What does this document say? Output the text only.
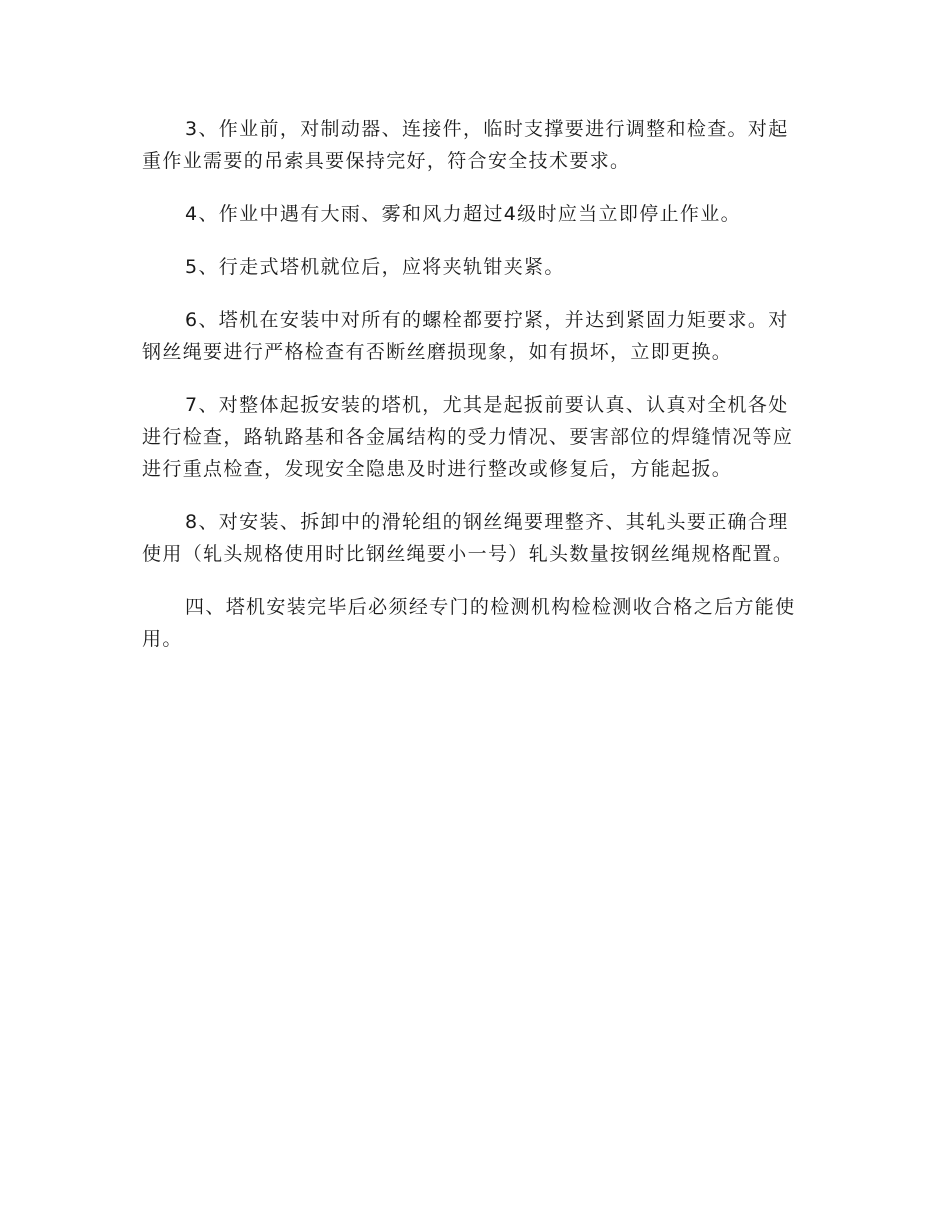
3、作业前，对制动器、连接件，临时支撑要进行调整和检查。对起重作业需要的吊索具要保持完好，符合安全技术要求。

4、作业中遇有大雨、雾和风力超过4级时应当立即停止作业。

5、行走式塔机就位后，应将夹轨钳夹紧。

6、塔机在安装中对所有的螺栓都要拧紧，并达到紧固力矩要求。对钢丝绳要进行严格检查有否断丝磨损现象，如有损坏，立即更换。

7、对整体起扳安装的塔机，尤其是起扳前要认真、认真对全机各处进行检查，路轨路基和各金属结构的受力情况、要害部位的焊缝情况等应进行重点检查，发现安全隐患及时进行整改或修复后，方能起扳。

8、对安装、拆卸中的滑轮组的钢丝绳要理整齐、其轧头要正确合理使用（轧头规格使用时比钢丝绳要小一号）轧头数量按钢丝绳规格配置。

四、塔机安装完毕后必须经专门的检测机构检检测收合格之后方能使用。
